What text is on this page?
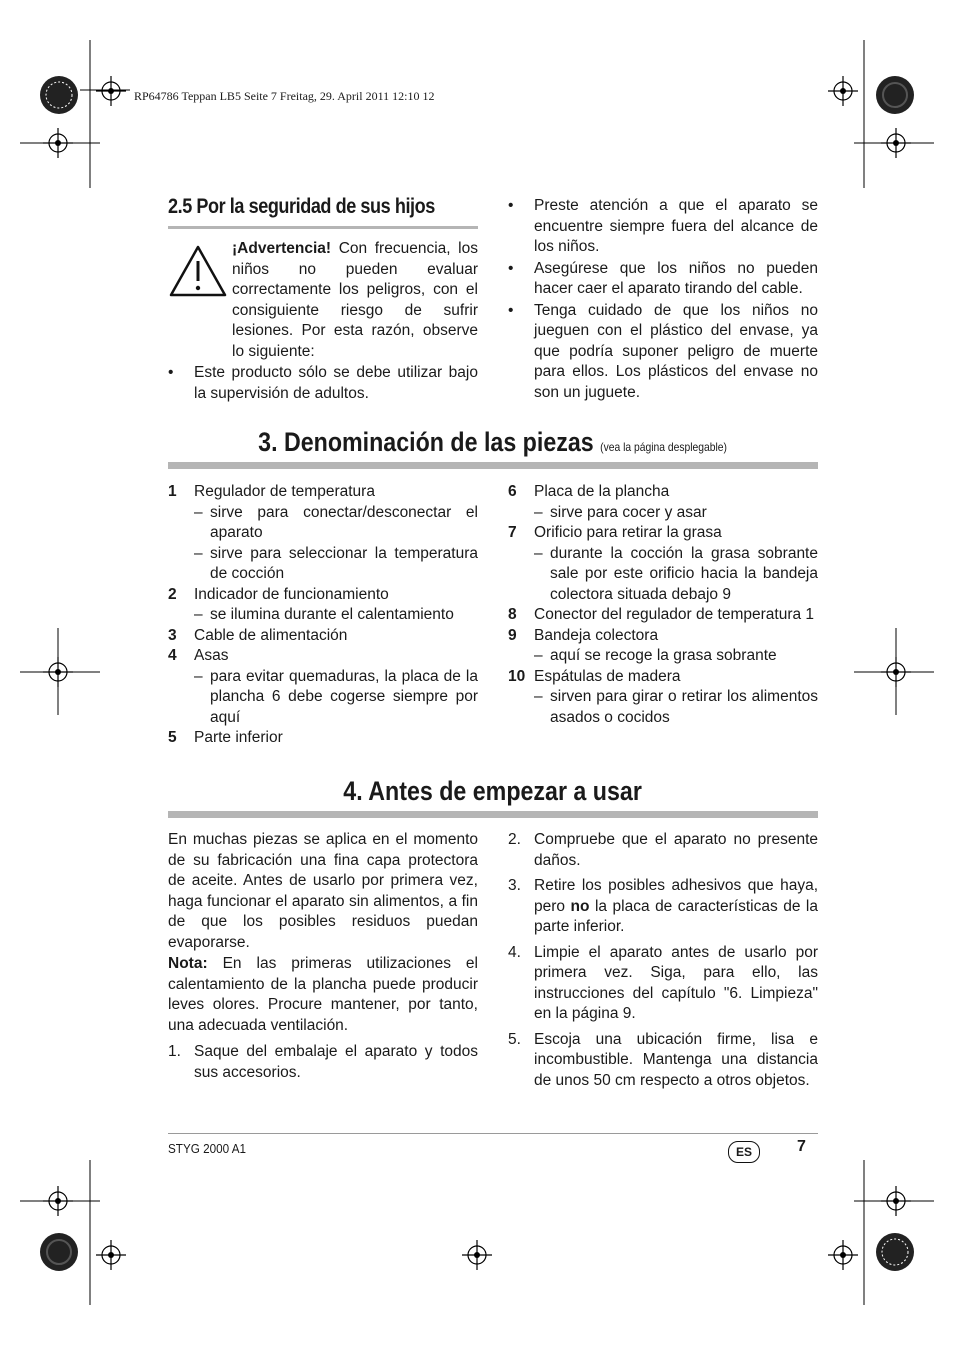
RP64786 Teppan LB5 Seite 7 Freitag, 29. April 2011 12:10 12
2.5 Por la seguridad de sus hijos
¡Advertencia! Con frecuencia, los niños no pueden evaluar correctamente los peligros, con el consiguiente riesgo de sufrir lesiones. Por esta razón, observe lo siguiente:
• Este producto sólo se debe utilizar bajo la supervisión de adultos.
• Preste atención a que el aparato se encuentre siempre fuera del alcance de los niños.
• Asegúrese que los niños no pueden hacer caer el aparato tirando del cable.
• Tenga cuidado de que los niños no jueguen con el plástico del envase, ya que podría suponer peligro de muerte para ellos. Los plásticos del envase no son un juguete.
3. Denominación de las piezas (vea la página desplegable)
1 Regulador de temperatura
– sirve para conectar/desconectar el aparato
– sirve para seleccionar la temperatura de cocción
2 Indicador de funcionamiento
– se ilumina durante el calentamiento
3 Cable de alimentación
4 Asas
– para evitar quemaduras, la placa de la plancha 6 debe cogerse siempre por aquí
5 Parte inferior
6 Placa de la plancha
– sirve para cocer y asar
7 Orificio para retirar la grasa
– durante la cocción la grasa sobrante sale por este orificio hacia la bandeja colectora situada debajo 9
8 Conector del regulador de temperatura 1
9 Bandeja colectora
– aquí se recoge la grasa sobrante
10 Espátulas de madera
– sirven para girar o retirar los alimentos asados o cocidos
4. Antes de empezar a usar
En muchas piezas se aplica en el momento de su fabricación una fina capa protectora de aceite. Antes de usarlo por primera vez, haga funcionar el aparato sin alimentos, a fin de que los posibles residuos puedan evaporarse.
Nota: En las primeras utilizaciones el calentamiento de la plancha puede producir leves olores. Procure mantener, por tanto, una adecuada ventilación.
1. Saque del embalaje el aparato y todos sus accesorios.
2. Compruebe que el aparato no presente daños.
3. Retire los posibles adhesivos que haya, pero no la placa de características de la parte inferior.
4. Limpie el aparato antes de usarlo por primera vez. Siga, para ello, las instrucciones del capítulo "6. Limpieza" en la página 9.
5. Escoja una ubicación firme, lisa e incombustible. Mantenga una distancia de unos 50 cm respecto a otros objetos.
STYG 2000 A1	ES	7
